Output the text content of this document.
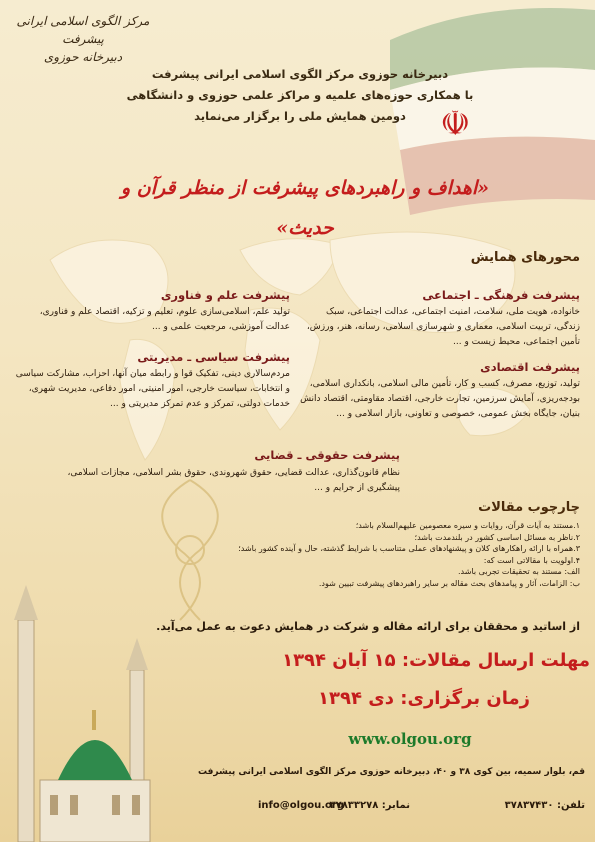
☫
مرکز الگوی اسلامی ایرانی پیشرفت
دبیرخانه حوزوی
دبیرخانه حوزوی مرکز الگوی اسلامی ایرانی پیشرفت
با همکاری حوزه‌های علمیه و مراکز علمی حوزوی و دانشگاهی
دومین همایش ملی را برگزار می‌نماید
«اهداف و راهبردهای پیشرفت از منظر قرآن و حدیث»
محورهای همایش
پیشرفت فرهنگی ـ اجتماعی
خانواده، هویت ملی، سلامت، امنیت اجتماعی، عدالت اجتماعی، سبک زندگی، تربیت اسلامی، معماری و شهرسازی اسلامی، رسانه، هنر، ورزش، تأمین اجتماعی، محیط زیست و ...
پیشرفت علم و فناوری
تولید علم، اسلامی‌سازی علوم، تعلیم و تزکیه، اقتصاد علم و فناوری، عدالت آموزشی، مرجعیت علمی و ...
پیشرفت اقتصادی
تولید، توزیع، مصرف، کسب و کار، تأمین مالی اسلامی، بانکداری اسلامی، بودجه‌ریزی، آمایش سرزمین، تجارت خارجی، اقتصاد مقاومتی، اقتصاد دانش بنیان، جایگاه بخش عمومی، خصوصی و تعاونی، بازار اسلامی و ...
پیشرفت سیاسی ـ مدیریتی
مردم‌سالاری دینی، تفکیک قوا و رابطه میان آنها، احزاب، مشارکت سیاسی و انتخابات، سیاست خارجی، امور امنیتی، امور دفاعی، مدیریت شهری، خدمات دولتی، تمرکز و عدم تمرکز مدیریتی و ...
پیشرفت حقوقی ـ قضایی
نظام قانون‌گذاری، عدالت قضایی، حقوق شهروندی، حقوق بشر اسلامی، مجازات اسلامی، پیشگیری از جرایم و ...
چارچوب مقالات
۱.مستند به آیات قرآن، روایات و سیره معصومین علیهم‌السلام باشد؛
۲.ناظر به مسائل اساسی کشور در بلندمدت باشد؛
۳.همراه با ارائه راهکارهای کلان و پیشنهادهای عملی متناسب با شرایط گذشته، حال و آینده کشور باشد؛
۴.اولویت با مقالاتی است که:
الف: مستند به تحقیقات تجربی باشد.
ب: الزامات، آثار و پیامدهای بحث مقاله بر سایر راهبردهای پیشرفت تبیین شود.
از اساتید و محققان برای ارائه مقاله و شرکت در همایش دعوت به عمل می‌آید.
مهلت ارسال مقالات: ۱۵ آبان ۱۳۹۴
زمان برگزاری: دی ۱۳۹۴
www.olgou.org
قم، بلوار سمیه، بین کوی ۳۸ و ۴۰، دبیرخانه حوزوی مرکز الگوی اسلامی ایرانی پیشرفت
تلفن: ۳۷۸۳۷۴۳۰
نمابر: ۳۷۸۳۳۲۷۸
info@olgou.org
